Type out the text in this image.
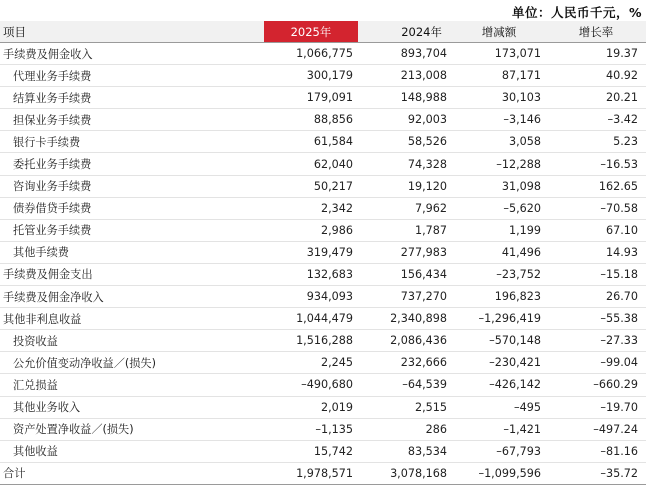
单位：人民币千元，%
项目	2025年	2024年	增减额	增长率
手续费及佣金收入	1,066,775	893,704	173,071	19.37
代理业务手续费	300,179	213,008	87,171	40.92
结算业务手续费	179,091	148,988	30,103	20.21
担保业务手续费	88,856	92,003	–3,146	–3.42
银行卡手续费	61,584	58,526	3,058	5.23
委托业务手续费	62,040	74,328	–12,288	–16.53
咨询业务手续费	50,217	19,120	31,098	162.65
债券借贷手续费	2,342	7,962	–5,620	–70.58
托管业务手续费	2,986	1,787	1,199	67.10
其他手续费	319,479	277,983	41,496	14.93
手续费及佣金支出	132,683	156,434	–23,752	–15.18
手续费及佣金净收入	934,093	737,270	196,823	26.70
其他非利息收益	1,044,479	2,340,898	–1,296,419	–55.38
投资收益	1,516,288	2,086,436	–570,148	–27.33
公允价值变动净收益／(损失)	2,245	232,666	–230,421	–99.04
汇兑损益	–490,680	–64,539	–426,142	–660.29
其他业务收入	2,019	2,515	–495	–19.70
资产处置净收益／(损失)	–1,135	286	–1,421	–497.24
其他收益	15,742	83,534	–67,793	–81.16
合计	1,978,571	3,078,168	–1,099,596	–35.72
